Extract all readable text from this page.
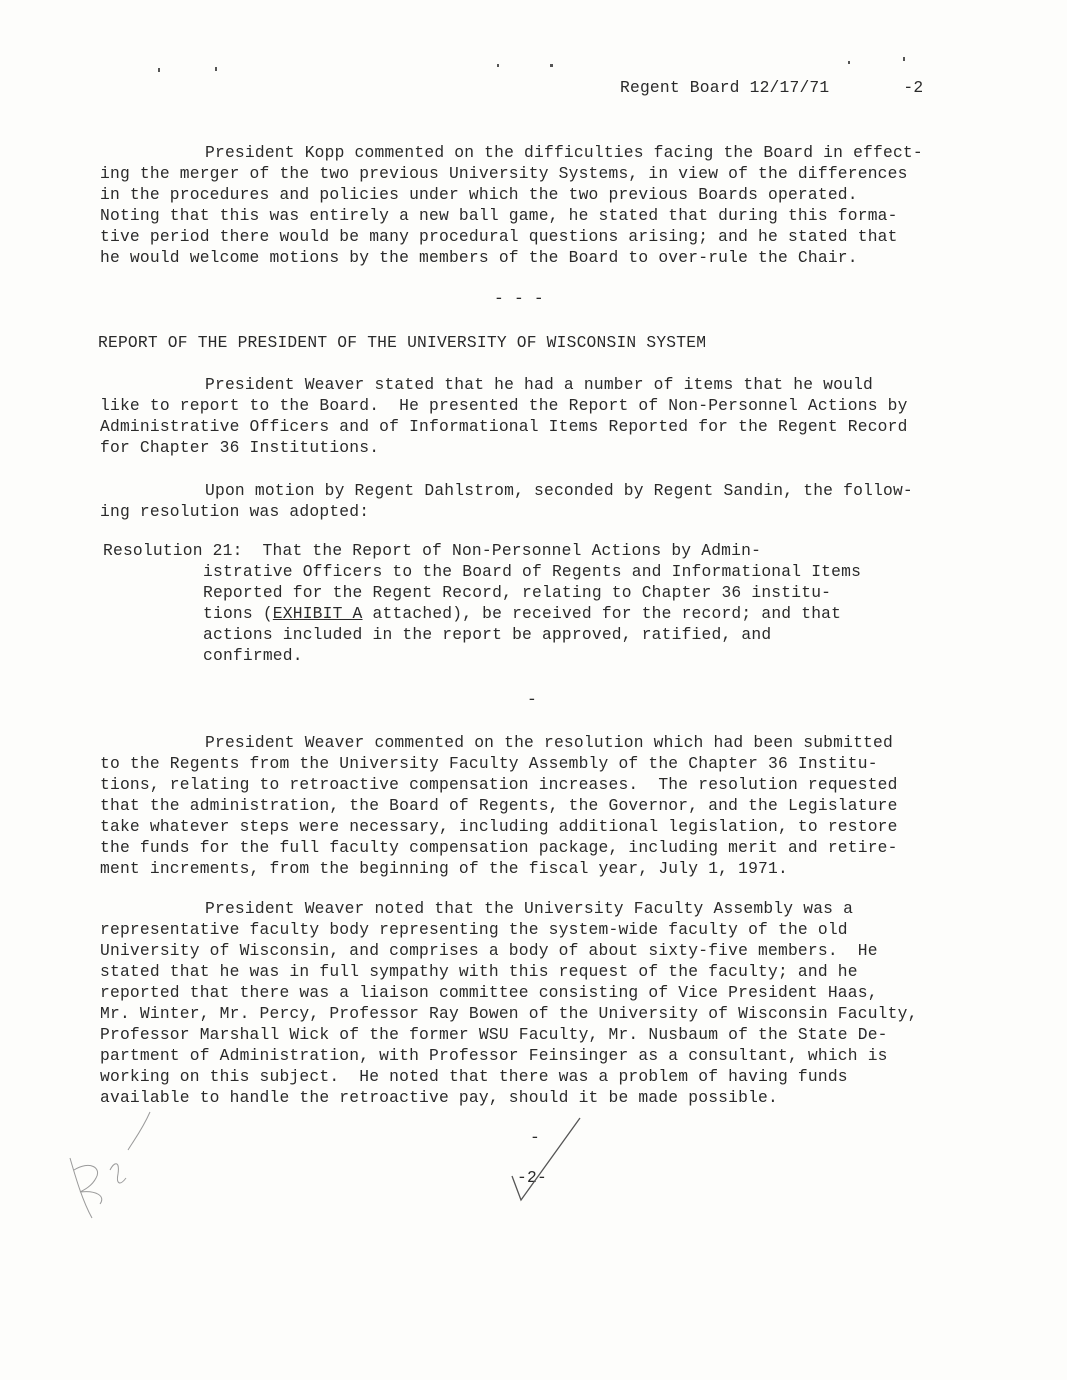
Regent Board 12/17/71	-2
President Kopp commented on the difficulties facing the Board in effect-
ing the merger of the two previous University Systems, in view of the differences
in the procedures and policies under which the two previous Boards operated.
Noting that this was entirely a new ball game, he stated that during this forma-
tive period there would be many procedural questions arising; and he stated that
he would welcome motions by the members of the Board to over-rule the Chair.
- - -
REPORT OF THE PRESIDENT OF THE UNIVERSITY OF WISCONSIN SYSTEM
President Weaver stated that he had a number of items that he would
like to report to the Board.  He presented the Report of Non-Personnel Actions by
Administrative Officers and of Informational Items Reported for the Regent Record
for Chapter 36 Institutions.
Upon motion by Regent Dahlstrom, seconded by Regent Sandin, the follow-
ing resolution was adopted:
Resolution 21: That the Report of Non-Personnel Actions by Admin-

istrative Officers to the Board of Regents and Informational Items
Reported for the Regent Record, relating to Chapter 36 institu-
tions (EXHIBIT A attached), be received for the record; and that
actions included in the report be approved, ratified, and
confirmed.
-
President Weaver commented on the resolution which had been submitted
to the Regents from the University Faculty Assembly of the Chapter 36 Institu-
tions, relating to retroactive compensation increases.  The resolution requested
that the administration, the Board of Regents, the Governor, and the Legislature
take whatever steps were necessary, including additional legislation, to restore
the funds for the full faculty compensation package, including merit and retire-
ment increments, from the beginning of the fiscal year, July 1, 1971.
President Weaver noted that the University Faculty Assembly was a
representative faculty body representing the system-wide faculty of the old
University of Wisconsin, and comprises a body of about sixty-five members.  He
stated that he was in full sympathy with this request of the faculty; and he
reported that there was a liaison committee consisting of Vice President Haas,
Mr. Winter, Mr. Percy, Professor Ray Bowen of the University of Wisconsin Faculty,
Professor Marshall Wick of the former WSU Faculty, Mr. Nusbaum of the State De-
partment of Administration, with Professor Feinsinger as a consultant, which is
working on this subject.  He noted that there was a problem of having funds
available to handle the retroactive pay, should it be made possible.
-
-2-
